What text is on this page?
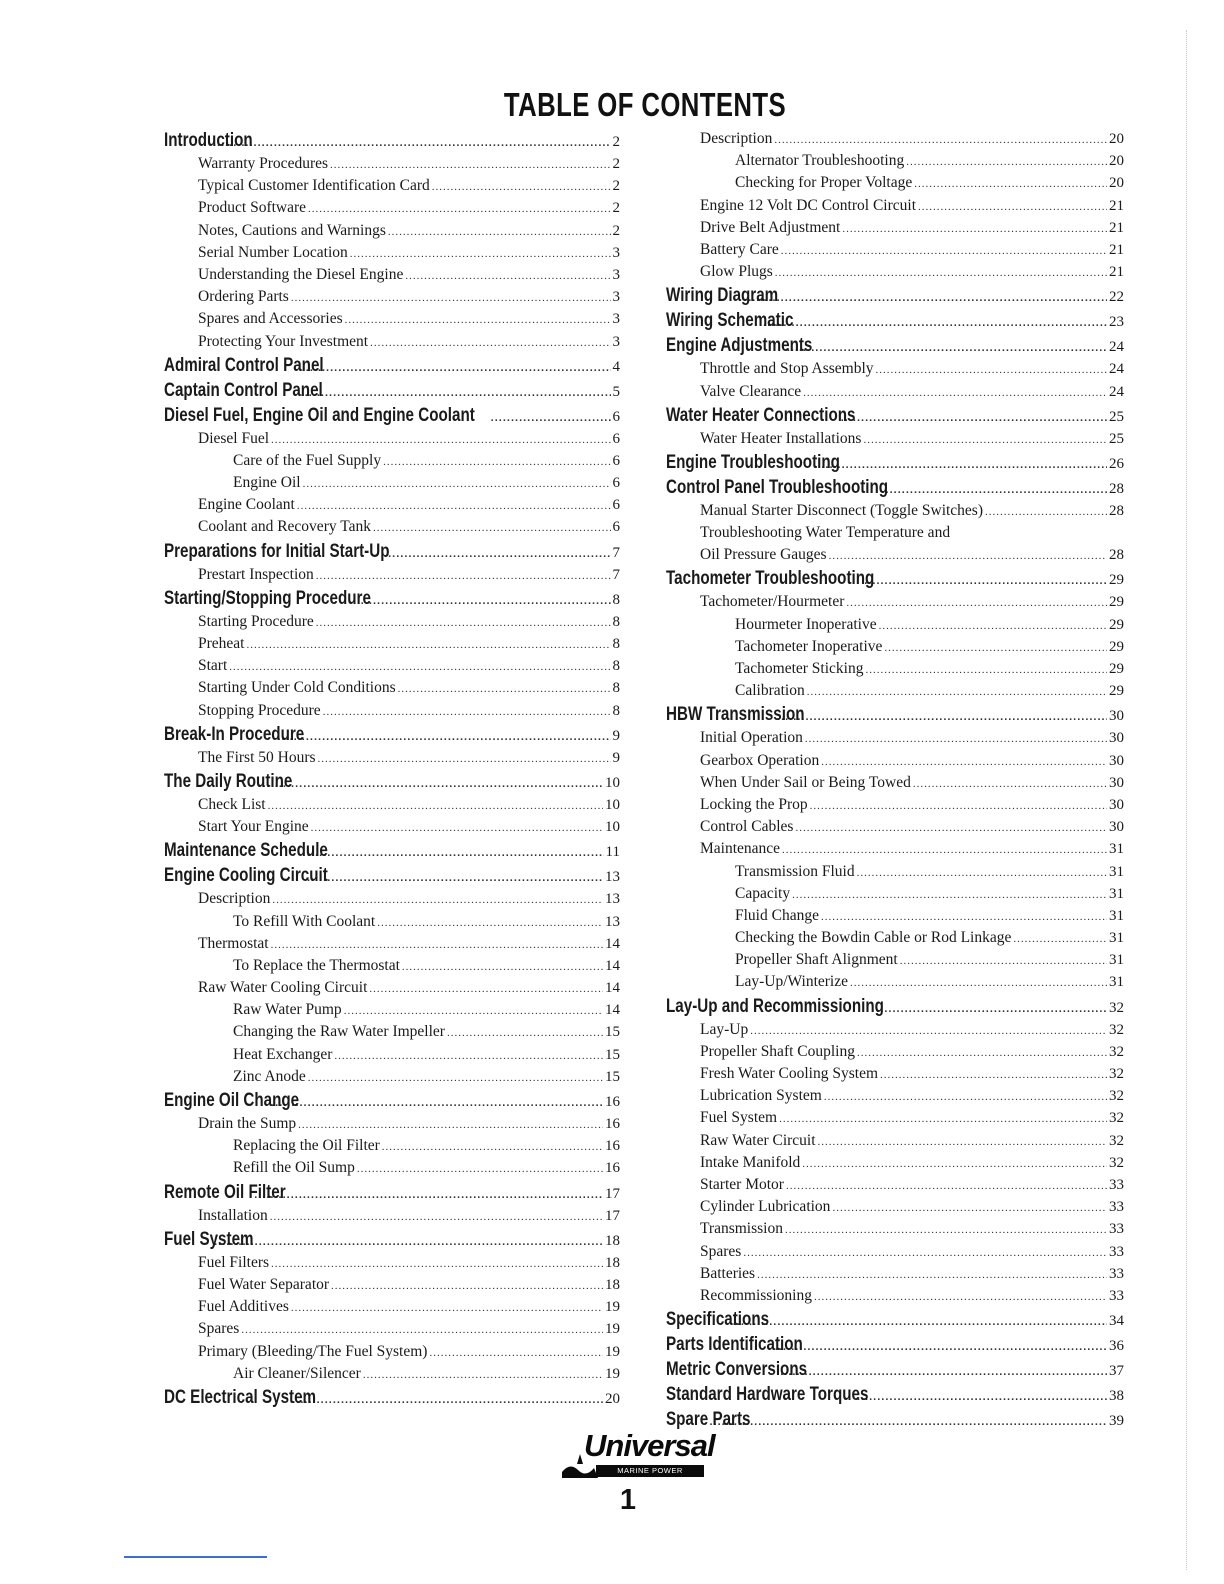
TABLE OF CONTENTS
Introduction .....	2
Warranty Procedures .....	2
Typical Customer Identification Card .....	2
Product Software .....	2
Notes, Cautions and Warnings .....	2
Serial Number Location .....	3
Understanding the Diesel Engine .....	3
Ordering Parts .....	3
Spares and Accessories .....	3
Protecting Your Investment .....	3
Admiral Control Panel .....	4
Captain Control Panel .....	5
Diesel Fuel, Engine Oil and Engine Coolant .....	6
Diesel Fuel .....	6
Care of the Fuel Supply .....	6
Engine Oil .....	6
Engine Coolant .....	6
Coolant and Recovery Tank .....	6
Preparations for Initial Start-Up .....	7
Prestart Inspection .....	7
Starting/Stopping Procedure .....	8
Starting Procedure .....	8
Preheat .....	8
Start .....	8
Starting Under Cold Conditions .....	8
Stopping Procedure .....	8
Break-In Procedure .....	9
The First 50 Hours .....	9
The Daily Routine .....	10
Check List .....	10
Start Your Engine .....	10
Maintenance Schedule .....	11
Engine Cooling Circuit .....	13
Description .....	13
To Refill With Coolant .....	13
Thermostat .....	14
To Replace the Thermostat .....	14
Raw Water Cooling Circuit .....	14
Raw Water Pump .....	14
Changing the Raw Water Impeller .....	15
Heat Exchanger .....	15
Zinc Anode .....	15
Engine Oil Change .....	16
Drain the Sump .....	16
Replacing the Oil Filter .....	16
Refill the Oil Sump .....	16
Remote Oil Filter .....	17
Installation .....	17
Fuel System .....	18
Fuel Filters .....	18
Fuel Water Separator .....	18
Fuel Additives .....	19
Spares .....	19
Primary (Bleeding/The Fuel System) .....	19
Air Cleaner/Silencer .....	19
DC Electrical System .....	20
Description .....	20
Alternator Troubleshooting .....	20
Checking for Proper Voltage .....	20
Engine 12 Volt DC Control Circuit .....	21
Drive Belt Adjustment .....	21
Battery Care .....	21
Glow Plugs .....	21
Wiring Diagram .....	22
Wiring Schematic .....	23
Engine Adjustments .....	24
Throttle and Stop Assembly .....	24
Valve Clearance .....	24
Water Heater Connections .....	25
Water Heater Installations .....	25
Engine Troubleshooting .....	26
Control Panel Troubleshooting .....	28
Manual Starter Disconnect (Toggle Switches) .....	28
Troubleshooting Water Temperature and
Oil Pressure Gauges .....	28
Tachometer Troubleshooting .....	29
Tachometer/Hourmeter .....	29
Hourmeter Inoperative .....	29
Tachometer Inoperative .....	29
Tachometer Sticking .....	29
Calibration .....	29
HBW Transmission .....	30
Initial Operation .....	30
Gearbox Operation .....	30
When Under Sail or Being Towed .....	30
Locking the Prop .....	30
Control Cables .....	30
Maintenance .....	31
Transmission Fluid .....	31
Capacity .....	31
Fluid Change .....	31
Checking the Bowdin Cable or Rod Linkage .....	31
Propeller Shaft Alignment .....	31
Lay-Up/Winterize .....	31
Lay-Up and Recommissioning .....	32
Lay-Up .....	32
Propeller Shaft Coupling .....	32
Fresh Water Cooling System .....	32
Lubrication System .....	32
Fuel System .....	32
Raw Water Circuit .....	32
Intake Manifold .....	32
Starter Motor .....	33
Cylinder Lubrication .....	33
Transmission .....	33
Spares .....	33
Batteries .....	33
Recommissioning .....	33
Specifications .....	34
Parts Identification .....	36
Metric Conversions .....	37
Standard Hardware Torques .....	38
Spare Parts .....	39
Universal
MARINE POWER
1
